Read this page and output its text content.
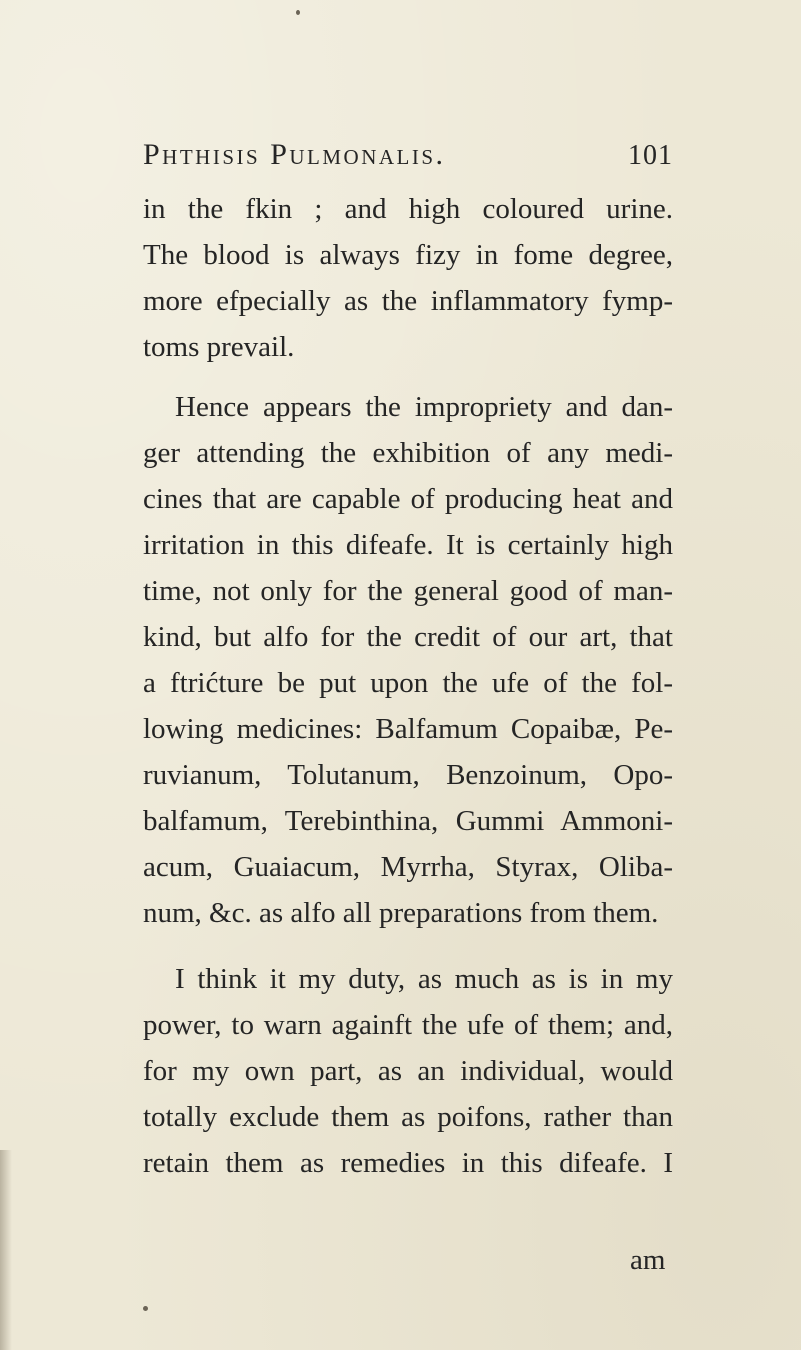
Phthisis Pulmonalis.	101
in the fkin ; and high coloured urine.
The blood is always fizy in fome degree,
more efpecially as the inflammatory fymp-
toms prevail.
Hence appears the impropriety and dan-
ger attending the exhibition of any medi-
cines that are capable of producing heat and
irritation in this difeafe. It is certainly high
time, not only for the general good of man-
kind, but alfo for the credit of our art, that
a ftrićture be put upon the ufe of the fol-
lowing medicines: Balfamum Copaibæ, Pe-
ruvianum, Tolutanum, Benzoinum, Opo-
balfamum, Terebinthina, Gummi Ammoni-
acum, Guaiacum, Myrrha, Styrax, Oliba-
num, &c. as alfo all preparations from them.
I think it my duty, as much as is in my
power, to warn againft the ufe of them; and,
for my own part, as an individual, would
totally exclude them as poifons, rather than
retain them as remedies in this difeafe. I
am
